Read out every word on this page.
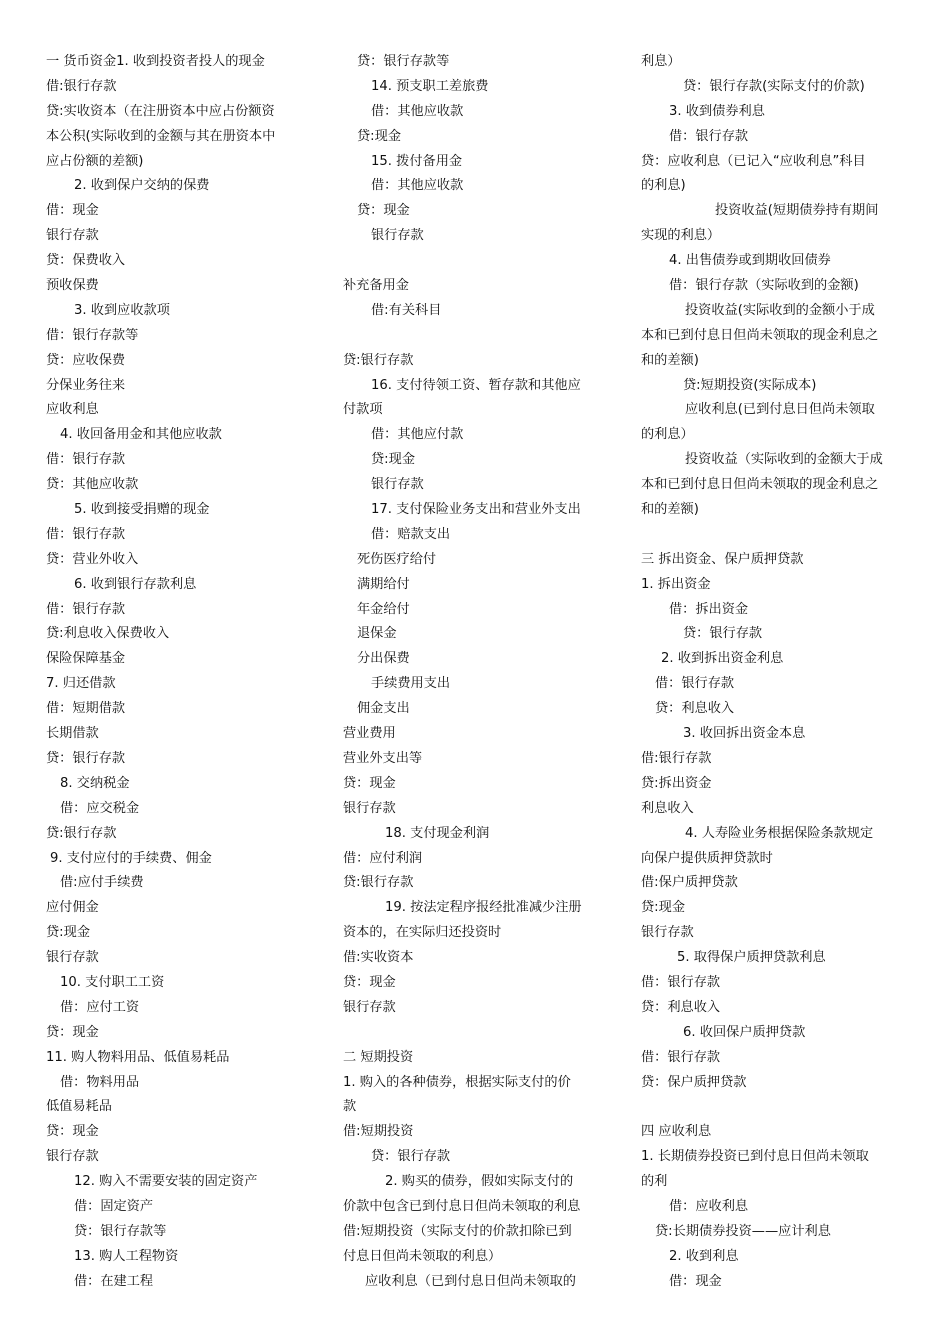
一 货币资金1. 收到投资者投人的现金
借:银行存款
贷:实收资本（在注册资本中应占份额资
本公积(实际收到的金额与其在册资本中
应占份额的差额)
2. 收到保户交纳的保费
借：现金
银行存款
贷：保费收入
预收保费
3. 收到应收款项
借：银行存款等
贷：应收保费
分保业务往来
应收利息
4. 收回备用金和其他应收款
借：银行存款
贷：其他应收款
5. 收到接受捐赠的现金
借：银行存款
贷：营业外收入
6. 收到银行存款利息
借：银行存款
贷:利息收入保费收入
保险保障基金
7. 归还借款
借：短期借款
长期借款
贷：银行存款
8. 交纳税金
借：应交税金
贷:银行存款
9. 支付应付的手续费、佣金
借:应付手续费
应付佣金
贷:现金
银行存款
10. 支付职工工资
借：应付工资
贷：现金
11. 购人物料用品、低值易耗品
借：物料用品
低值易耗品
贷：现金
银行存款
12. 购入不需要安装的固定资产
借：固定资产
贷：银行存款等
13. 购人工程物资
借：在建工程
贷：银行存款等
14. 预支职工差旅费
借：其他应收款
贷:现金
15. 拨付备用金
借：其他应收款
贷：现金
银行存款
补充备用金
借:有关科目
贷:银行存款
16. 支付待领工资、暂存款和其他应
付款项
借：其他应付款
贷:现金
银行存款
17. 支付保险业务支出和营业外支出
借：赔款支出
死伤医疗给付
满期给付
年金给付
退保金
分出保费
手续费用支出
佣金支出
营业费用
营业外支出等
贷：现金
银行存款
18. 支付现金利润
借：应付利润
贷:银行存款
19. 按法定程序报经批准减少注册
资本的，在实际归还投资时
借:实收资本
贷：现金
银行存款
二 短期投资
1. 购入的各种债券，根据实际支付的价
款
借:短期投资
贷：银行存款
2. 购买的债券，假如实际支付的
价款中包含已到付息日但尚未领取的利息
借:短期投资（实际支付的价款扣除已到
付息日但尚未领取的利息）
应收利息（已到付息日但尚未领取的
利息）
贷：银行存款(实际支付的价款)
3. 收到债券利息
借：银行存款
贷：应收利息（已记入“应收利息”科目
的利息)
投资收益(短期债券持有期间
实现的利息）
4. 出售债券或到期收回债券
借：银行存款（实际收到的金额)
投资收益(实际收到的金额小于成
本和已到付息日但尚未领取的现金利息之
和的差额)
贷:短期投资(实际成本)
应收利息(已到付息日但尚未领取
的利息）
投资收益（实际收到的金额大于成
本和已到付息日但尚未领取的现金利息之
和的差额)
三 拆出资金、保户质押贷款
1. 拆出资金
借：拆出资金
贷：银行存款
2. 收到拆出资金利息
借：银行存款
贷：利息收入
3. 收回拆出资金本息
借:银行存款
贷:拆出资金
利息收入
4. 人寿险业务根据保险条款规定
向保户提供质押贷款时
借:保户质押贷款
贷:现金
银行存款
5. 取得保户质押贷款利息
借：银行存款
贷：利息收入
6. 收回保户质押贷款
借：银行存款
贷：保户质押贷款
四 应收利息
1. 长期债券投资已到付息日但尚未领取
的利
借：应收利息
贷:长期债券投资——应计利息
2. 收到利息
借：现金
